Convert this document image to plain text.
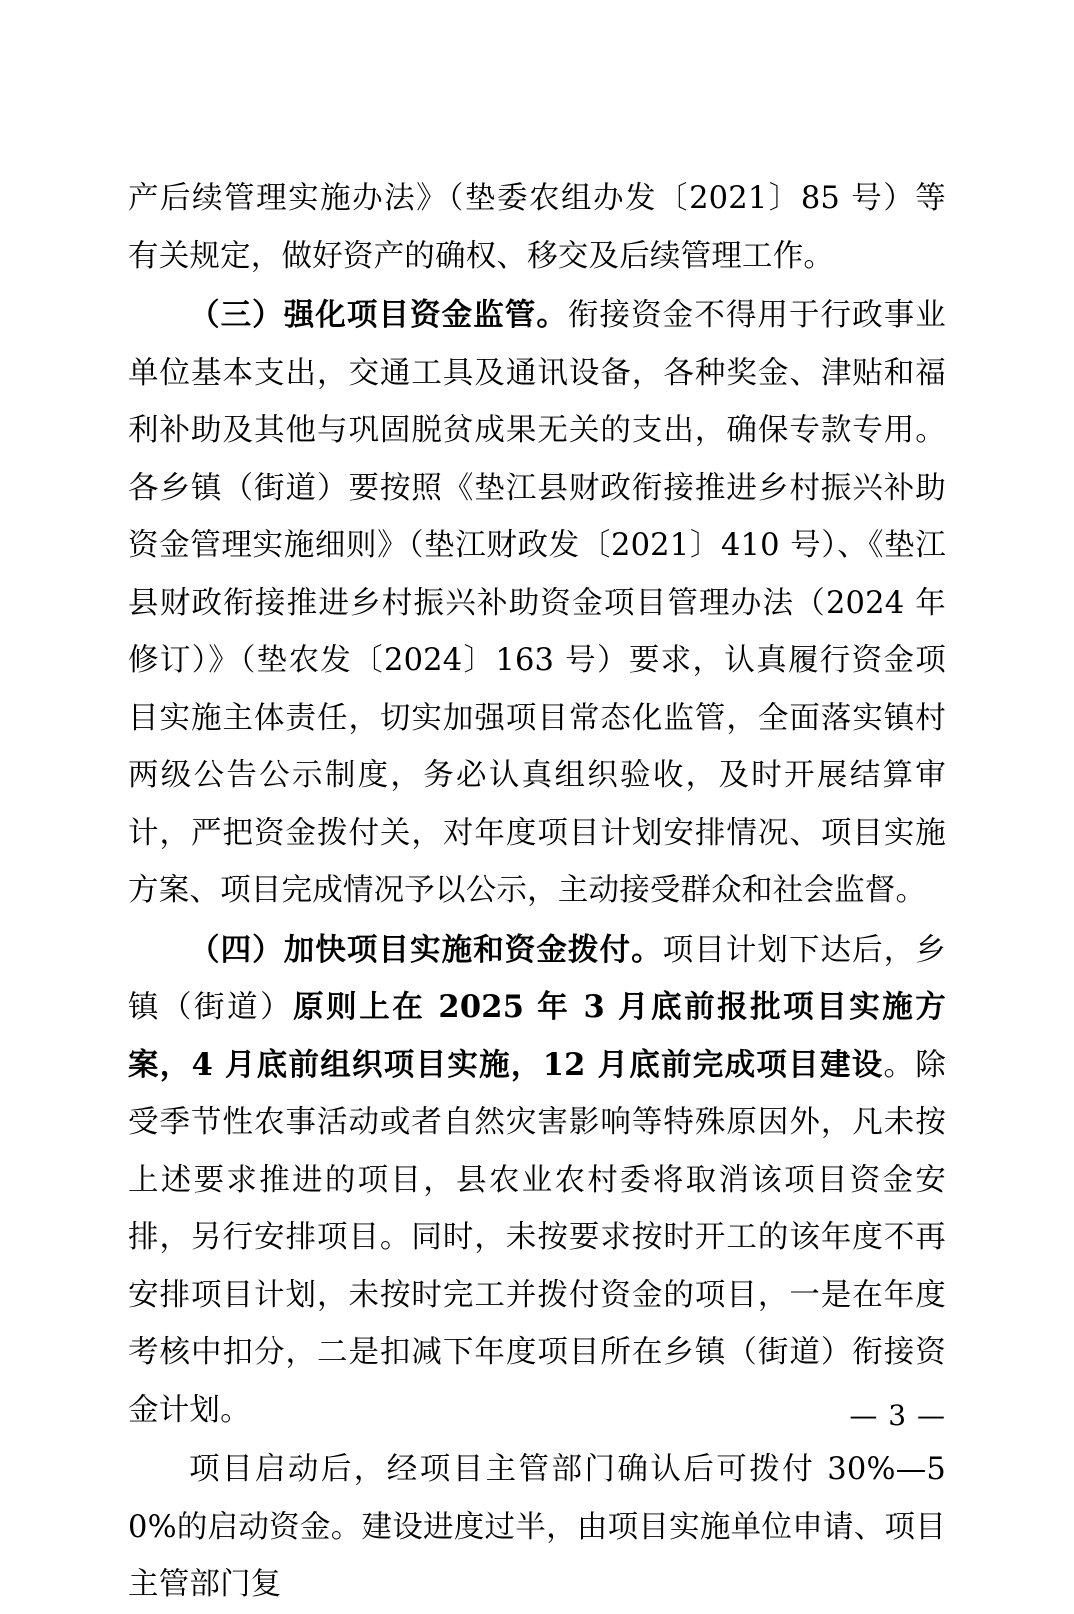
产后续管理实施办法》（垫委农组办发〔2021〕85 号）等有关规定，做好资产的确权、移交及后续管理工作。

（三）强化项目资金监管。衔接资金不得用于行政事业单位基本支出，交通工具及通讯设备，各种奖金、津贴和福利补助及其他与巩固脱贫成果无关的支出，确保专款专用。各乡镇（街道）要按照《垫江县财政衔接推进乡村振兴补助资金管理实施细则》（垫江财政发〔2021〕410 号）、《垫江县财政衔接推进乡村振兴补助资金项目管理办法（2024 年修订）》（垫农发〔2024〕163 号）要求，认真履行资金项目实施主体责任，切实加强项目常态化监管，全面落实镇村两级公告公示制度，务必认真组织验收，及时开展结算审计，严把资金拨付关，对年度项目计划安排情况、项目实施方案、项目完成情况予以公示，主动接受群众和社会监督。

（四）加快项目实施和资金拨付。项目计划下达后，乡镇（街道）原则上在 2025 年 3 月底前报批项目实施方案，4 月底前组织项目实施，12 月底前完成项目建设。除受季节性农事活动或者自然灾害影响等特殊原因外，凡未按上述要求推进的项目，县农业农村委将取消该项目资金安排，另行安排项目。同时，未按要求按时开工的该年度不再安排项目计划，未按时完工并拨付资金的项目，一是在年度考核中扣分，二是扣减下年度项目所在乡镇（街道）衔接资金计划。

项目启动后，经项目主管部门确认后可拨付 30%—50%的启动资金。建设进度过半，由项目实施单位申请、项目主管部门复

— 3 —
